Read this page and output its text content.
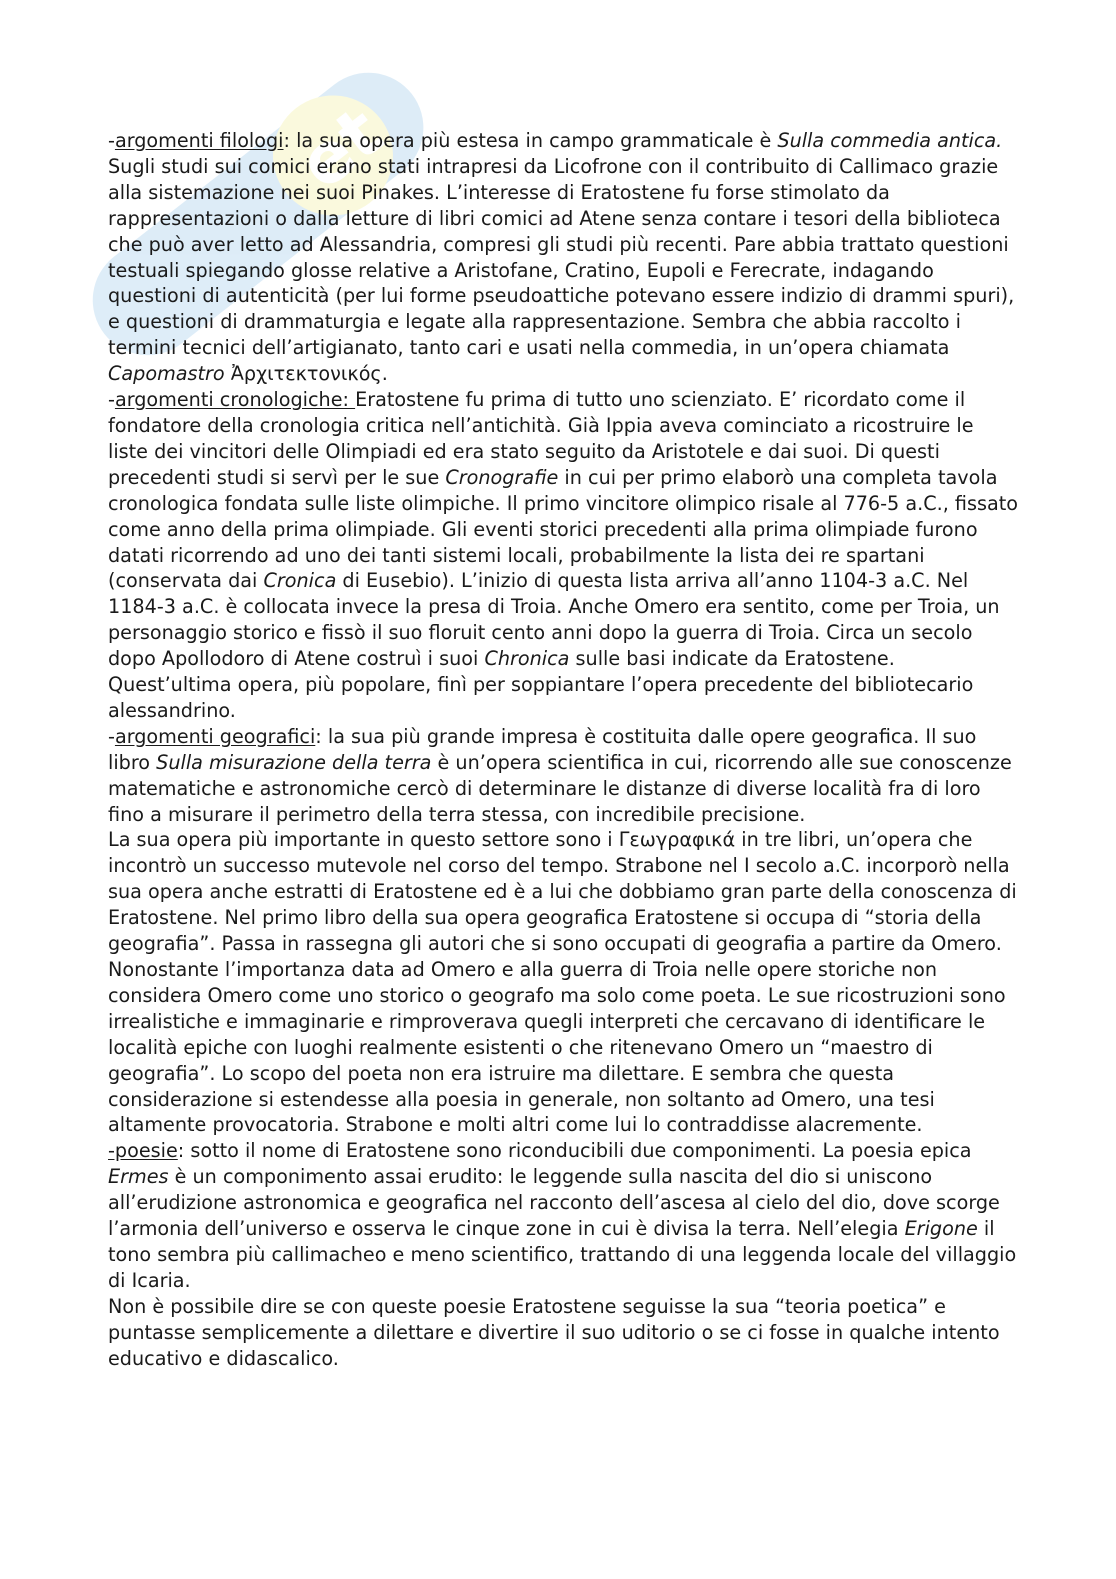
et

-argomenti filologi: la sua opera più estesa in campo grammaticale è Sulla commedia antica. Sugli studi sui comici erano stati intrapresi da Licofrone con il contribuito di Callimaco grazie alla sistemazione nei suoi Pinakes. L’interesse di Eratostene fu forse stimolato da rappresentazioni o dalla letture di libri comici ad Atene senza contare i tesori della biblioteca che può aver letto ad Alessandria, compresi gli studi più recenti. Pare abbia trattato questioni testuali spiegando glosse relative a Aristofane, Cratino, Eupoli e Ferecrate, indagando questioni di autenticità (per lui forme pseudoattiche potevano essere indizio di drammi spuri), e questioni di drammaturgia e legate alla rappresentazione. Sembra che abbia raccolto i termini tecnici dell’artigianato, tanto cari e usati nella commedia, in un’opera chiamata Capomastro Ἀρχιτεκτονικός.

-argomenti cronologiche: Eratostene fu prima di tutto uno scienziato. E’ ricordato come il fondatore della cronologia critica nell’antichità. Già Ippia aveva cominciato a ricostruire le liste dei vincitori delle Olimpiadi ed era stato seguito da Aristotele e dai suoi. Di questi precedenti studi si servì per le sue Cronografie in cui per primo elaborò una completa tavola cronologica fondata sulle liste olimpiche. Il primo vincitore olimpico risale al 776-5 a.C., fissato come anno della prima olimpiade. Gli eventi storici precedenti alla prima olimpiade furono datati ricorrendo ad uno dei tanti sistemi locali, probabilmente la lista dei re spartani (conservata dai Cronica di Eusebio). L’inizio di questa lista arriva all’anno 1104-3 a.C. Nel 1184-3 a.C. è collocata invece la presa di Troia. Anche Omero era sentito, come per Troia, un personaggio storico e fissò il suo floruit cento anni dopo la guerra di Troia. Circa un secolo dopo Apollodoro di Atene costruì i suoi Chronica sulle basi indicate da Eratostene. Quest’ultima opera, più popolare, finì per soppiantare l’opera precedente del bibliotecario alessandrino.

-argomenti geografici: la sua più grande impresa è costituita dalle opere geografica. Il suo libro Sulla misurazione della terra è un’opera scientifica in cui, ricorrendo alle sue conoscenze matematiche e astronomiche cercò di determinare le distanze di diverse località fra di loro fino a misurare il perimetro della terra stessa, con incredibile precisione.

La sua opera più importante in questo settore sono i Γεωγραφικά in tre libri, un’opera che incontrò un successo mutevole nel corso del tempo. Strabone nel I secolo a.C. incorporò nella sua opera anche estratti di Eratostene ed è a lui che dobbiamo gran parte della conoscenza di Eratostene. Nel primo libro della sua opera geografica Eratostene si occupa di “storia della geografia”. Passa in rassegna gli autori che si sono occupati di geografia a partire da Omero. Nonostante l’importanza data ad Omero e alla guerra di Troia nelle opere storiche non considera Omero come uno storico o geografo ma solo come poeta. Le sue ricostruzioni sono irrealistiche e immaginarie e rimproverava quegli interpreti che cercavano di identificare le località epiche con luoghi realmente esistenti o che ritenevano Omero un “maestro di geografia”. Lo scopo del poeta non era istruire ma dilettare. E sembra che questa considerazione si estendesse alla poesia in generale, non soltanto ad Omero, una tesi altamente provocatoria. Strabone e molti altri come lui lo contraddisse alacremente.

-poesie: sotto il nome di Eratostene sono riconducibili due componimenti. La poesia epica Ermes è un componimento assai erudito: le leggende sulla nascita del dio si uniscono all’erudizione astronomica e geografica nel racconto dell’ascesa al cielo del dio, dove scorge l’armonia dell’universo e osserva le cinque zone in cui è divisa la terra. Nell’elegia Erigone il tono sembra più callimacheo e meno scientifico, trattando di una leggenda locale del villaggio di Icaria.

Non è possibile dire se con queste poesie Eratostene seguisse la sua “teoria poetica” e puntasse semplicemente a dilettare e divertire il suo uditorio o se ci fosse in qualche intento educativo e didascalico.
